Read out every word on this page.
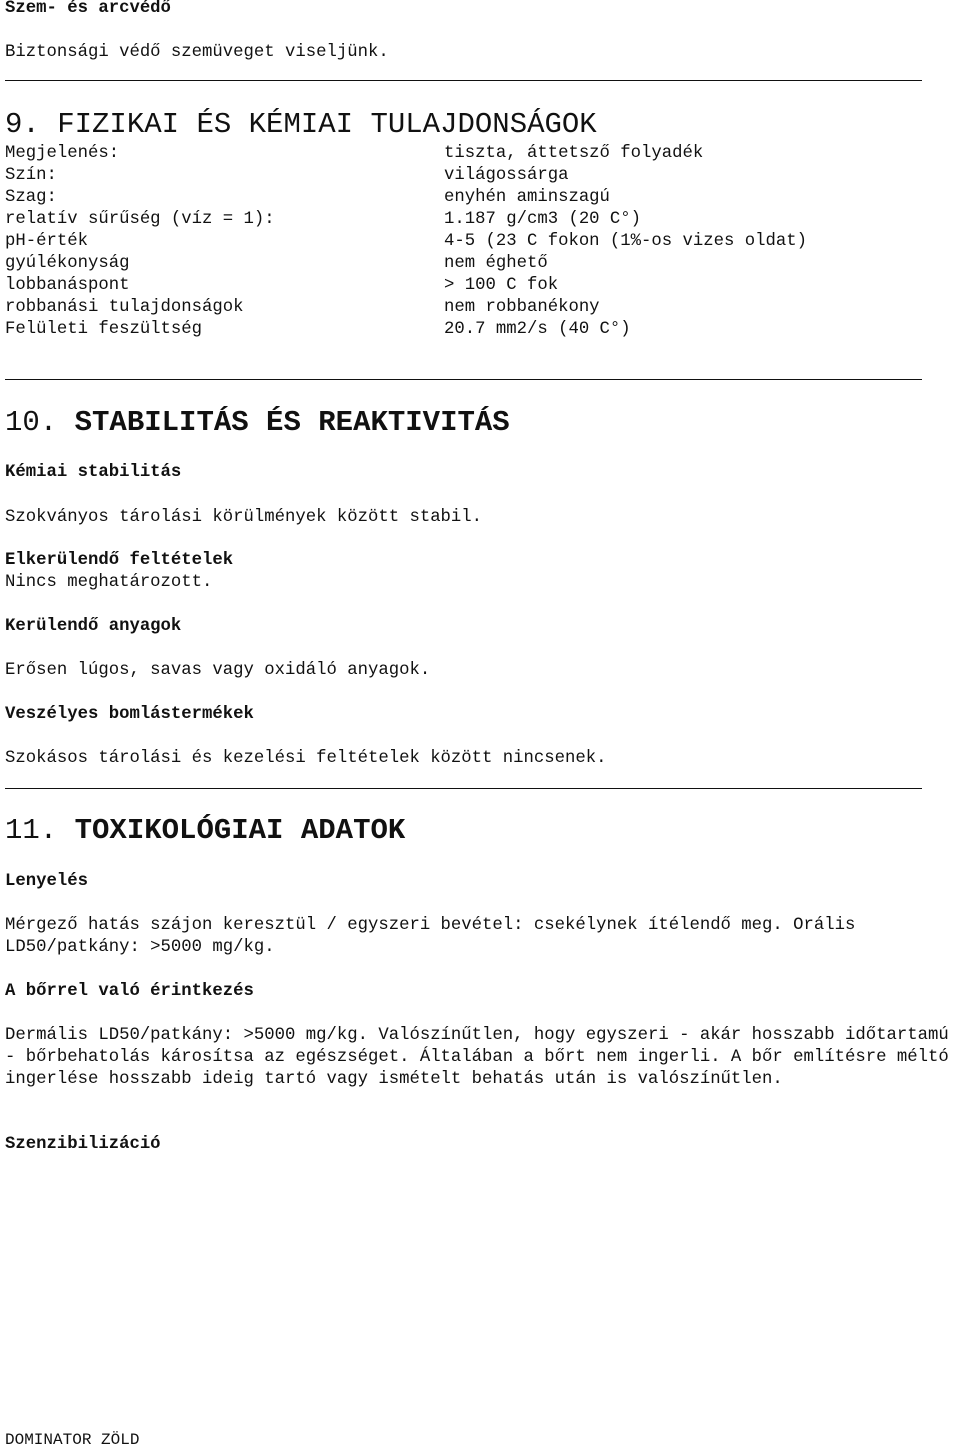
Szem- és arcvédő

Biztonsági védő szemüveget viseljünk.

9. FIZIKAI ÉS KÉMIAI TULAJDONSÁGOK
Megjelenés:	tiszta, áttetsző folyadék
Szín:	világossárga
Szag:	enyhén aminszagú
relatív sűrűség (víz = 1):	1.187 g/cm3 (20 C°)
pH-érték	4-5 (23 C fokon (1%-os vizes oldat)
gyúlékonyság	nem éghető
lobbanáspont	> 100 C fok
robbanási tulajdonságok	nem robbanékony
Felületi feszültség	20.7 mm2/s (40 C°)
10. STABILITÁS ÉS REAKTIVITÁS

Kémiai stabilitás

Szokványos tárolási körülmények között stabil.

Elkerülendő feltételek

Nincs meghatározott.

Kerülendő anyagok

Erősen lúgos, savas vagy oxidáló anyagok.

Veszélyes bomlástermékek

Szokásos tárolási és kezelési feltételek között nincsenek.

11. TOXIKOLÓGIAI ADATOK

Lenyelés

Mérgező hatás szájon keresztül / egyszeri bevétel: csekélynek ítélendő meg. Orális LD50/patkány: >5000 mg/kg.

A bőrrel való érintkezés

Dermális LD50/patkány: >5000 mg/kg. Valószínűtlen, hogy egyszeri - akár hosszabb időtartamú - bőrbehatolás károsítsa az egészséget. Általában a bőrt nem ingerli. A bőr említésre méltó ingerlése hosszabb ideig tartó vagy ismételt behatás után is valószínűtlen.

Szenzibilizáció

DOMINATOR ZÖLD
